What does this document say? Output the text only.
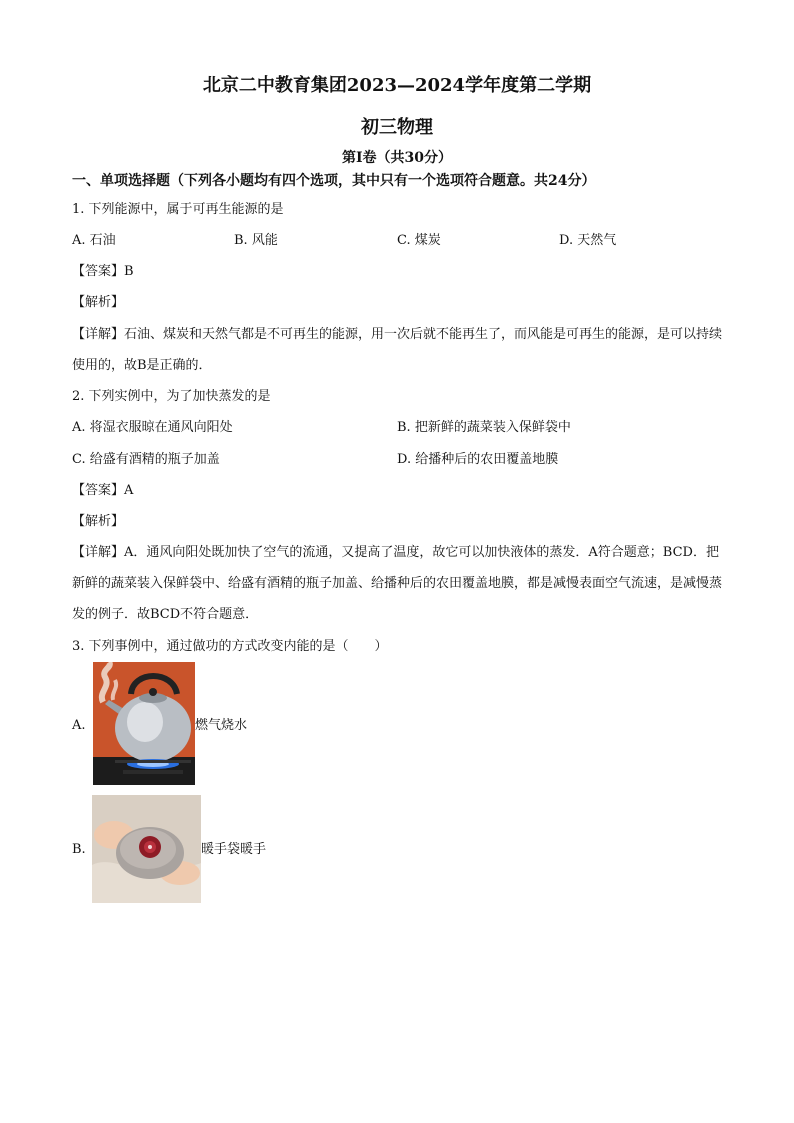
北京二中教育集团2023—2024学年度第二学期
初三物理
第Ⅰ卷（共30分）
一、单项选择题（下列各小题均有四个选项，其中只有一个选项符合题意。共24分）
1. 下列能源中，属于可再生能源的是
A. 石油	B. 风能	C. 煤炭	D. 天然气
【答案】B
【解析】
【详解】石油、煤炭和天然气都是不可再生的能源，用一次后就不能再生了，而风能是可再生的能源，是可以持续使用的，故B是正确的．
2. 下列实例中，为了加快蒸发的是
A. 将湿衣服晾在通风向阳处	B. 把新鲜的蔬菜装入保鲜袋中
C. 给盛有酒精的瓶子加盖	D. 给播种后的农田覆盖地膜
【答案】A
【解析】
【详解】A．通风向阳处既加快了空气的流通，又提高了温度，故它可以加快液体的蒸发．A符合题意；BCD．把新鲜的蔬菜装入保鲜袋中、给盛有酒精的瓶子加盖、给播种后的农田覆盖地膜，都是减慢表面空气流速，是减慢蒸发的例子．故BCD不符合题意．
3. 下列事例中，通过做功的方式改变内能的是（　　）
A.	燃气烧水
B.	暖手袋暖手
